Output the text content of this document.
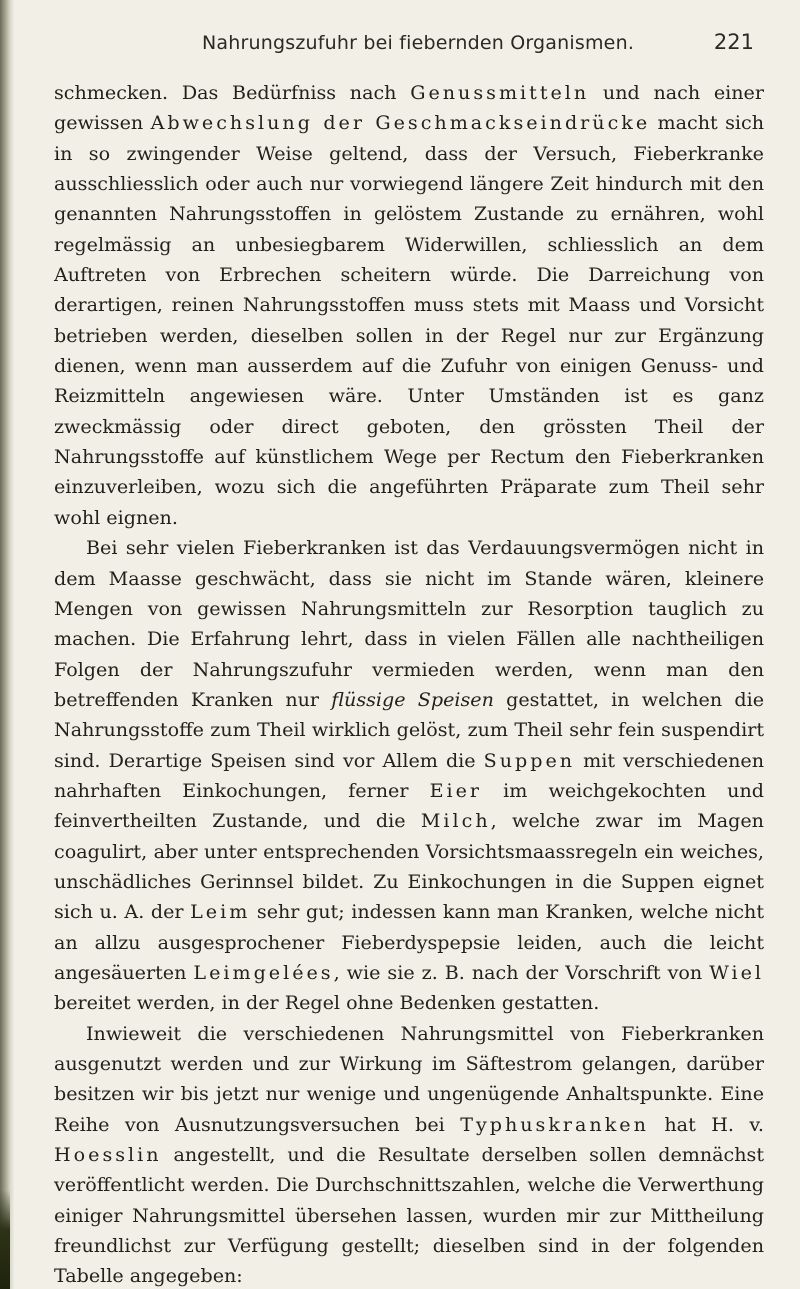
Nahrungszufuhr bei fiebernden Organismen.	221

schmecken. Das Bedürfniss nach Genussmitteln und nach einer gewissen Abwechslung der Geschmackseindrücke macht sich in so zwingender Weise geltend, dass der Versuch, Fieberkranke ausschliesslich oder auch nur vorwiegend längere Zeit hindurch mit den genannten Nahrungsstoffen in gelöstem Zustande zu ernähren, wohl regelmässig an unbesiegbarem Widerwillen, schliesslich an dem Auftreten von Erbrechen scheitern würde. Die Darreichung von derartigen, reinen Nahrungsstoffen muss stets mit Maass und Vorsicht betrieben werden, dieselben sollen in der Regel nur zur Ergänzung dienen, wenn man ausserdem auf die Zufuhr von einigen Genuss- und Reizmitteln angewiesen wäre. Unter Umständen ist es ganz zweckmässig oder direct geboten, den grössten Theil der Nahrungsstoffe auf künstlichem Wege per Rectum den Fieberkranken einzuverleiben, wozu sich die angeführten Präparate zum Theil sehr wohl eignen.

Bei sehr vielen Fieberkranken ist das Verdauungsvermögen nicht in dem Maasse geschwächt, dass sie nicht im Stande wären, kleinere Mengen von gewissen Nahrungsmitteln zur Resorption tauglich zu machen. Die Erfahrung lehrt, dass in vielen Fällen alle nachtheiligen Folgen der Nahrungszufuhr vermieden werden, wenn man den betreffenden Kranken nur flüssige Speisen gestattet, in welchen die Nahrungsstoffe zum Theil wirklich gelöst, zum Theil sehr fein suspendirt sind. Derartige Speisen sind vor Allem die Suppen mit verschiedenen nahrhaften Einkochungen, ferner Eier im weichgekochten und feinvertheilten Zustande, und die Milch, welche zwar im Magen coagulirt, aber unter entsprechenden Vorsichtsmaassregeln ein weiches, unschädliches Gerinnsel bildet. Zu Einkochungen in die Suppen eignet sich u. A. der Leim sehr gut; indessen kann man Kranken, welche nicht an allzu ausgesprochener Fieberdyspepsie leiden, auch die leicht angesäuerten Leimgelées, wie sie z. B. nach der Vorschrift von Wiel bereitet werden, in der Regel ohne Bedenken gestatten.

Inwieweit die verschiedenen Nahrungsmittel von Fieberkranken ausgenutzt werden und zur Wirkung im Säftestrom gelangen, darüber besitzen wir bis jetzt nur wenige und ungenügende Anhaltspunkte. Eine Reihe von Ausnutzungsversuchen bei Typhuskranken hat H. v. Hoesslin angestellt, und die Resultate derselben sollen demnächst veröffentlicht werden. Die Durchschnittszahlen, welche die Verwerthung einiger Nahrungsmittel übersehen lassen, wurden mir zur Mittheilung freundlichst zur Verfügung gestellt; dieselben sind in der folgenden Tabelle angegeben:
